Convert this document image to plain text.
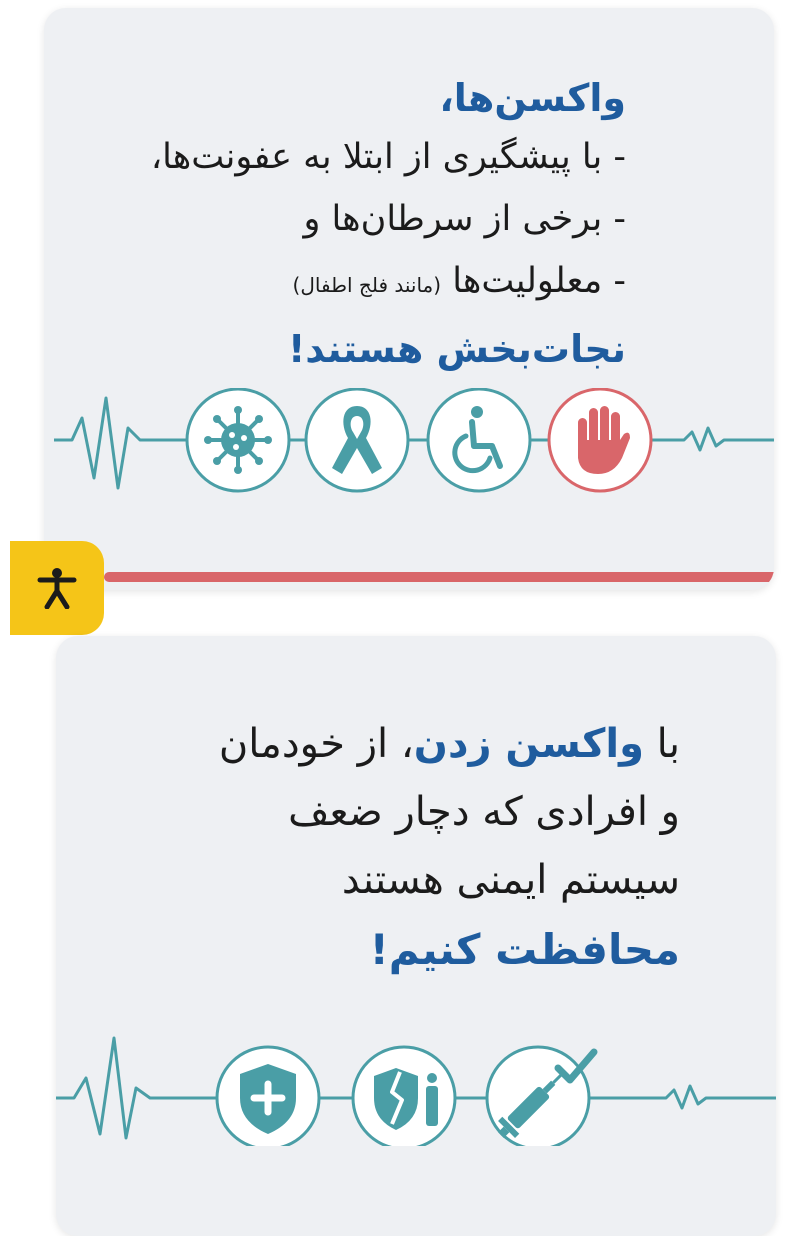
واکسن‌ها،
- با پیشگیری از ابتلا به عفونت‌ها،
- برخی از سرطان‌ها و
- معلولیت‌ها (مانند فلج اطفال)
نجات‌بخش هستند!
با واکسن زدن، از خودمان
و افرادی که دچار ضعف
سیستم ایمنی هستند
محافظت کنیم!
